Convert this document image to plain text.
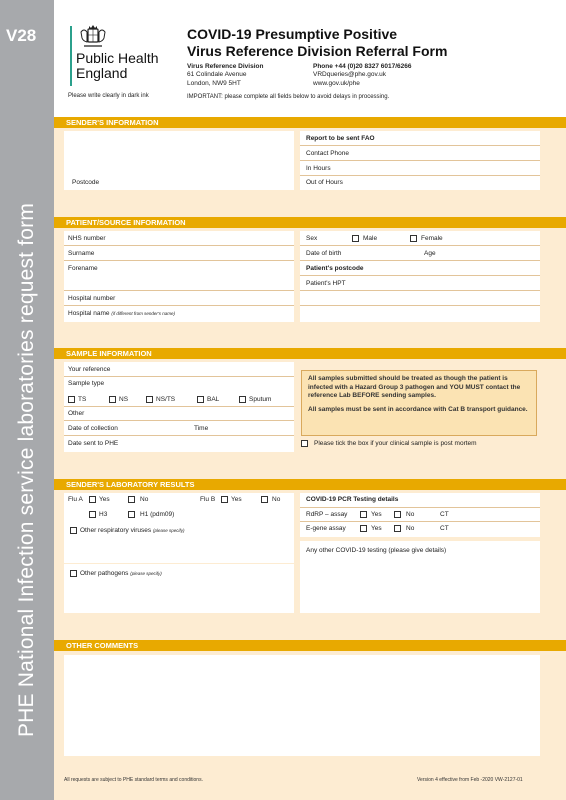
V28
PHE National Infection service laboratories request form
Public Health
England
Please write clearly in dark ink
COVID-19 Presumptive Positive
Virus Reference Division Referral Form
Virus Reference Division
61 Colindale Avenue
London, NW9 5HT
Phone +44 (0)20 8327 6017/6266
VRDqueries@phe.gov.uk
www.gov.uk/phe
IMPORTANT: please complete all fields below to avoid delays in processing.
SENDER'S INFORMATION
Postcode
Report to be sent FAO
Contact Phone
In Hours
Out of Hours
PATIENT/SOURCE INFORMATION
NHS number
Surname
Forename
Hospital number
Hospital name (if different from sender's name)
Sex	Male	Female
Date of birth	Age
Patient's postcode
Patient's HPT
SAMPLE INFORMATION
Your reference
Sample type
TS	NS	NS/TS	BAL	Sputum
Other
Date of collection	Time
Date sent to PHE

All samples submitted should be treated as though the patient is infected with a Hazard Group 3 pathogen and YOU MUST contact the reference Lab BEFORE sending samples.

All samples must be sent in accordance with Cat B transport guidance.

Please tick the box if your clinical sample is post mortem
SENDER'S LABORATORY RESULTS
Flu A Yes	No	Flu B Yes	No
H3	H1 (pdm09)
Other respiratory viruses (please specify)
Other pathogens (please specify)
COVID-19 PCR Testing details
RdRP – assay	Yes	No	CT
E-gene assay	Yes	No	CT
Any other COVID-19 testing (please give details)
OTHER COMMENTS
All requests are subject to PHE standard terms and conditions.	Version 4 effective from Feb -2020 VW-2127-01
